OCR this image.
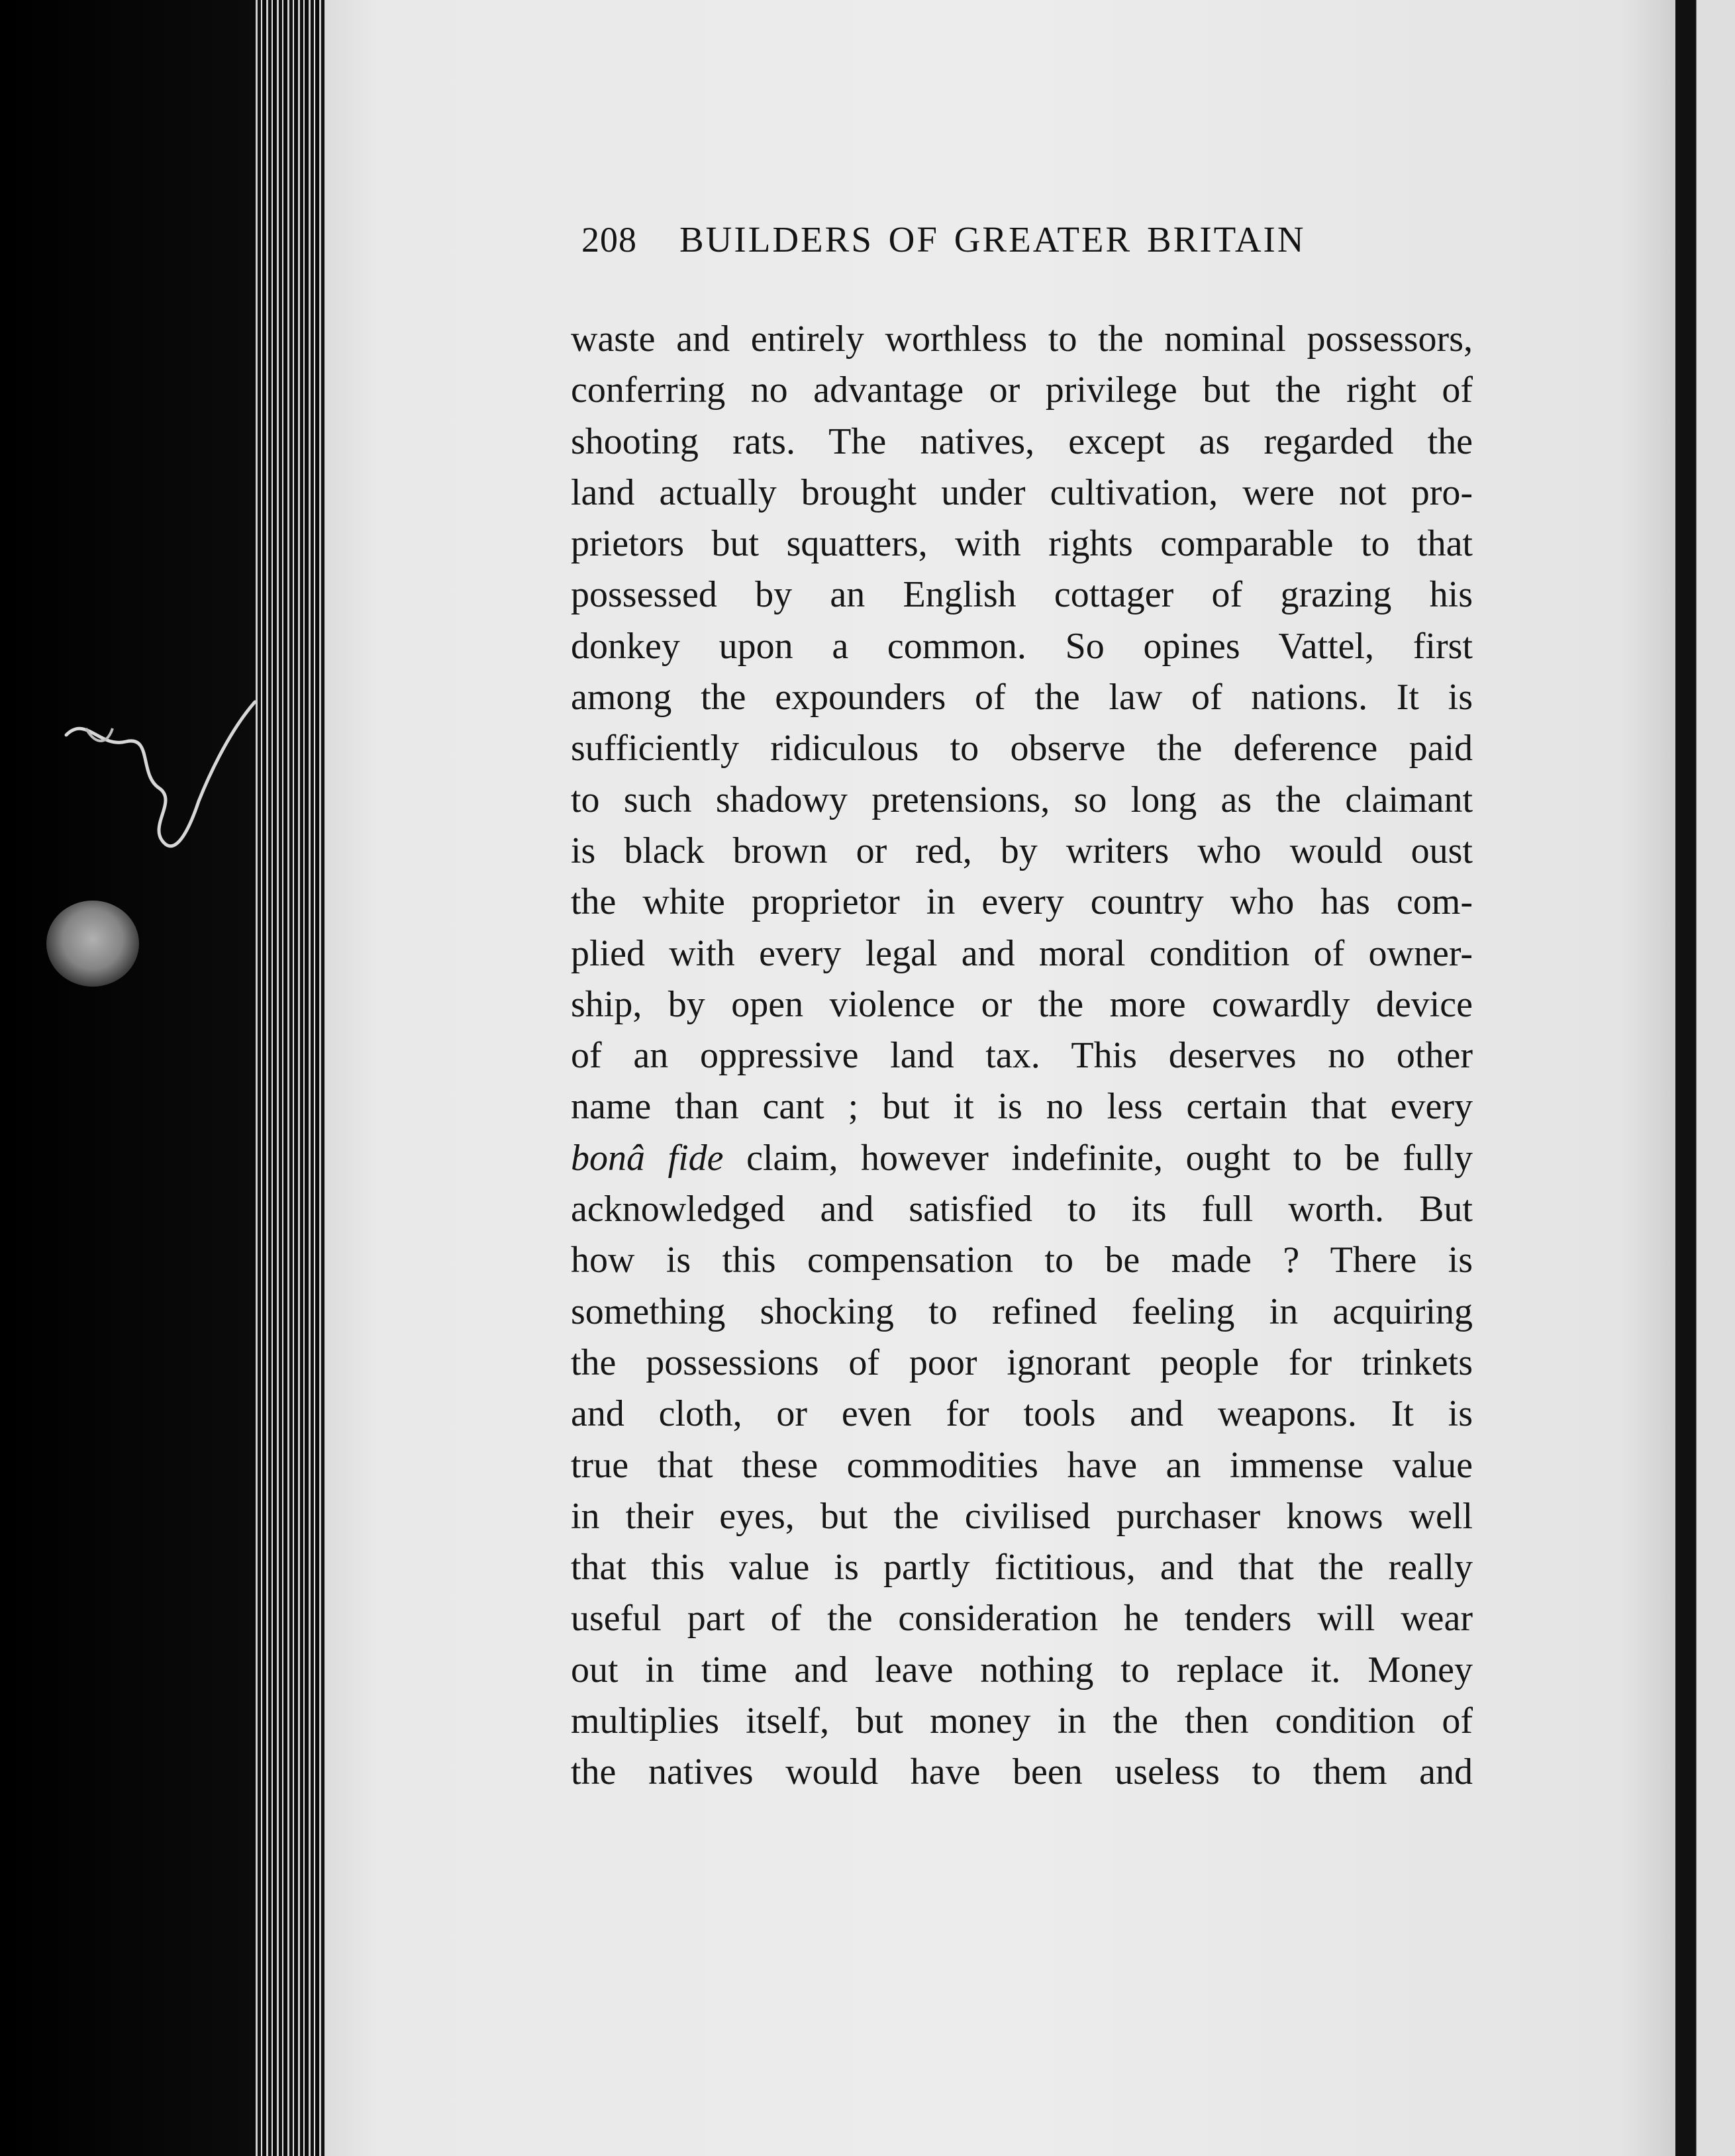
208 BUILDERS OF GREATER BRITAIN
waste and entirely worthless to the nominal possessors,
conferring no advantage or privilege but the right of
shooting rats. The natives, except as regarded the
land actually brought under cultivation, were not pro-
prietors but squatters, with rights comparable to that
possessed by an English cottager of grazing his
donkey upon a common. So opines Vattel, first
among the expounders of the law of nations. It is
sufficiently ridiculous to observe the deference paid
to such shadowy pretensions, so long as the claimant
is black brown or red, by writers who would oust
the white proprietor in every country who has com-
plied with every legal and moral condition of owner-
ship, by open violence or the more cowardly device
of an oppressive land tax. This deserves no other
name than cant ; but it is no less certain that every
bonâ fide claim, however indefinite, ought to be fully
acknowledged and satisfied to its full worth. But
how is this compensation to be made ? There is
something shocking to refined feeling in acquiring
the possessions of poor ignorant people for trinkets
and cloth, or even for tools and weapons. It is
true that these commodities have an immense value
in their eyes, but the civilised purchaser knows well
that this value is partly fictitious, and that the really
useful part of the consideration he tenders will wear
out in time and leave nothing to replace it. Money
multiplies itself, but money in the then condition of
the natives would have been useless to them and
